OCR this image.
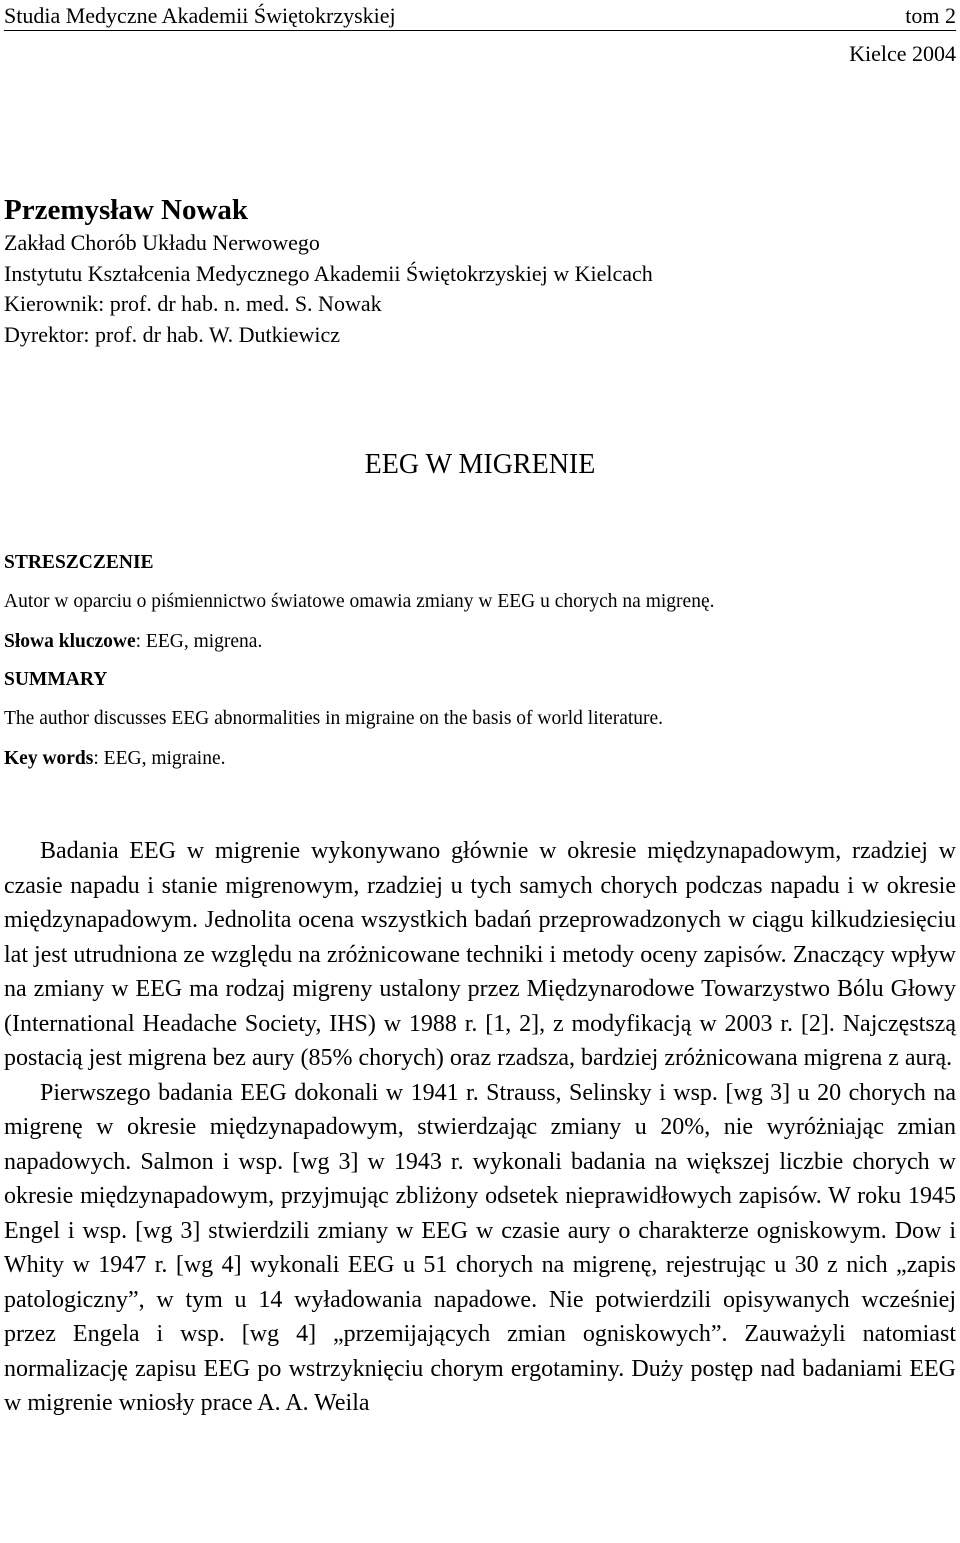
Studia Medyczne Akademii Świętokrzyskiej	tom 2
Kielce 2004

Przemysław Nowak

Zakład Chorób Układu Nerwowego

Instytutu Kształcenia Medycznego Akademii Świętokrzyskiej w Kielcach

Kierownik: prof. dr hab. n. med. S. Nowak

Dyrektor: prof. dr hab. W. Dutkiewicz

EEG W MIGRENIE

STRESZCZENIE

Autor w oparciu o piśmiennictwo światowe omawia zmiany w EEG u chorych na migrenę.

Słowa kluczowe: EEG, migrena.

SUMMARY

The author discusses EEG abnormalities in migraine on the basis of world literature.

Key words: EEG, migraine.

Badania EEG w migrenie wykonywano głównie w okresie międzynapadowym, rzadziej w czasie napadu i stanie migrenowym, rzadziej u tych samych chorych podczas napadu i w okresie międzynapadowym. Jednolita ocena wszystkich badań przeprowadzonych w ciągu kilkudziesięciu lat jest utrudniona ze względu na zróżnicowane techniki i metody oceny zapisów. Znaczący wpływ na zmiany w EEG ma rodzaj migreny ustalony przez Międzynarodowe Towarzystwo Bólu Głowy (International Headache Society, IHS) w 1988 r. [1, 2], z modyfikacją w 2003 r. [2]. Najczęstszą postacią jest migrena bez aury (85% chorych) oraz rzadsza, bardziej zróżnicowana migrena z aurą.

Pierwszego badania EEG dokonali w 1941 r. Strauss, Selinsky i wsp. [wg 3] u 20 chorych na migrenę w okresie międzynapadowym, stwierdzając zmiany u 20%, nie wyróżniając zmian napadowych. Salmon i wsp. [wg 3] w 1943 r. wykonali badania na większej liczbie chorych w okresie międzynapadowym, przyjmując zbliżony odsetek nieprawidłowych zapisów. W roku 1945 Engel i wsp. [wg 3] stwierdzili zmiany w EEG w czasie aury o charakterze ogniskowym. Dow i Whity w 1947 r. [wg 4] wykonali EEG u 51 chorych na migrenę, rejestrując u 30 z nich „zapis patologiczny”, w tym u 14 wyładowania napadowe. Nie potwierdzili opisywanych wcześniej przez Engela i wsp. [wg 4] „przemijających zmian ogniskowych”. Zauważyli natomiast normalizację zapisu EEG po wstrzyknięciu chorym ergotaminy. Duży postęp nad badaniami EEG w migrenie wniosły prace A. A. Weila
